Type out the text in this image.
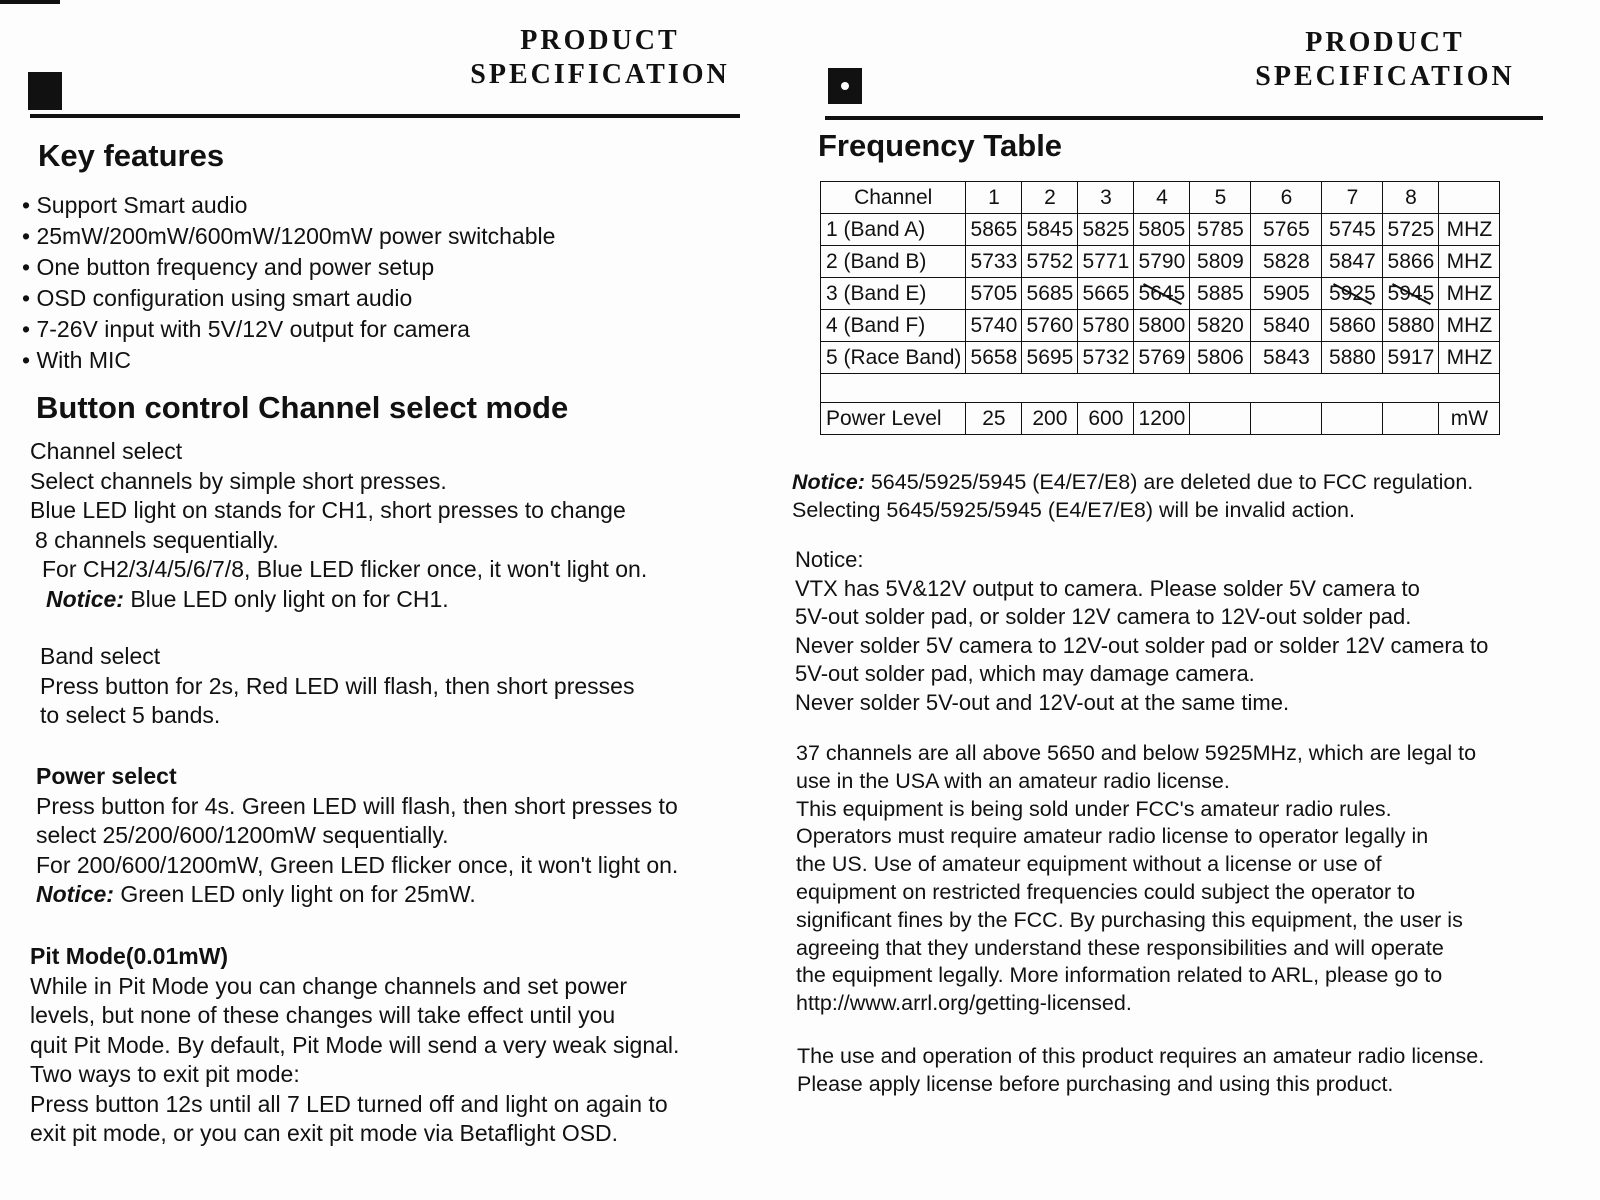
PRODUCT
SPECIFICATION
Key features
• Support Smart audio
• 25mW/200mW/600mW/1200mW power switchable
• One button frequency and power setup
• OSD configuration using smart audio
• 7-26V input with 5V/12V output for camera
• With MIC
Button control Channel select mode
Channel select
Select channels by simple short presses.
Blue LED light on stands for CH1, short presses to change
8 channels sequentially.
For CH2/3/4/5/6/7/8, Blue LED flicker once, it won't light on.
Notice: Blue LED only light on for CH1.
Band select
Press button for 2s, Red LED will flash, then short presses
to select 5 bands.
Power select
Press button for 4s. Green LED will flash, then short presses to
select 25/200/600/1200mW sequentially.
For 200/600/1200mW, Green LED flicker once, it won't light on.
Notice: Green LED only light on for 25mW.
Pit Mode(0.01mW)
While in Pit Mode you can change channels and set power
levels, but none of these changes will take effect until you
quit Pit Mode. By default, Pit Mode will send a very weak signal.
Two ways to exit pit mode:
Press button 12s until all 7 LED turned off and light on again to
exit pit mode, or you can exit pit mode via Betaflight OSD.
PRODUCT
SPECIFICATION
Frequency Table
Channel	1	2	3	4	5	6	7	8	
1 (Band A)	5865	5845	5825	5805	5785	5765	5745	5725	MHZ
2 (Band B)	5733	5752	5771	5790	5809	5828	5847	5866	MHZ
3 (Band E)	5705	5685	5665	5645	5885	5905	5925	5945	MHZ
4 (Band F)	5740	5760	5780	5800	5820	5840	5860	5880	MHZ
5 (Race Band)	5658	5695	5732	5769	5806	5843	5880	5917	MHZ

Power Level	25	200	600	1200					mW
Notice: 5645/5925/5945 (E4/E7/E8) are deleted due to FCC regulation.
Selecting 5645/5925/5945 (E4/E7/E8) will be invalid action.
Notice:
VTX has 5V&12V output to camera. Please solder 5V camera to
5V-out solder pad, or solder 12V camera to 12V-out solder pad.
Never solder 5V camera to 12V-out solder pad or solder 12V camera to
5V-out solder pad, which may damage camera.
Never solder 5V-out and 12V-out at the same time.
37 channels are all above 5650 and below 5925MHz, which are legal to
use in the USA with an amateur radio license.
This equipment is being sold under FCC's amateur radio rules.
Operators must require amateur radio license to operator legally in
the US. Use of amateur equipment without a license or use of
equipment on restricted frequencies could subject the operator to
significant fines by the FCC. By purchasing this equipment, the user is
agreeing that they understand these responsibilities and will operate
the equipment legally. More information related to ARL, please go to
http://www.arrl.org/getting-licensed.
The use and operation of this product requires an amateur radio license.
Please apply license before purchasing and using this product.
